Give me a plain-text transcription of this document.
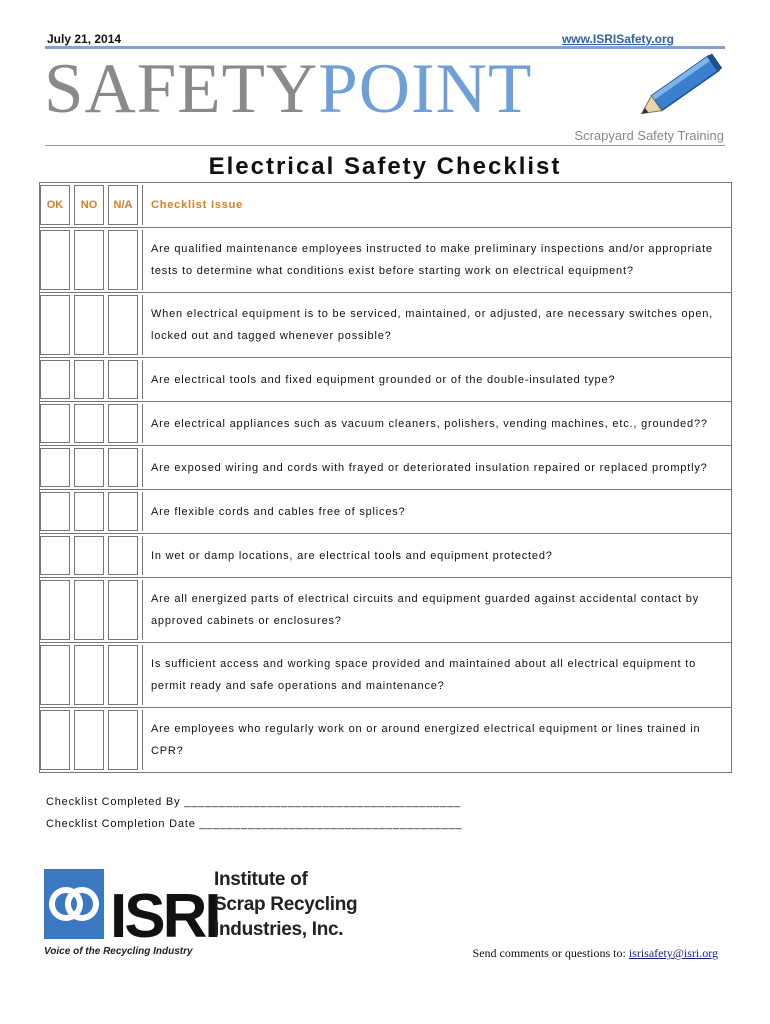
July 21, 2014	www.ISRISafety.org
SAFETYPOINT
Scrapyard Safety Training
Electrical Safety Checklist
OK	NO	N/A	Checklist Issue
Are qualified maintenance employees instructed to make preliminary inspections and/or appropriate
tests to determine what conditions exist before starting work on electrical equipment?
When electrical equipment is to be serviced, maintained, or adjusted, are necessary switches open,
locked out and tagged whenever possible?
Are electrical tools and fixed equipment grounded or of the double-insulated type?
Are electrical appliances such as vacuum cleaners, polishers, vending machines, etc., grounded??
Are exposed wiring and cords with frayed or deteriorated insulation repaired or replaced promptly?
Are flexible cords and cables free of splices?
In wet or damp locations, are electrical tools and equipment protected?
Are all energized parts of electrical circuits and equipment guarded against accidental contact by
approved cabinets or enclosures?
Is sufficient access and working space provided and maintained about all electrical equipment to
permit ready and safe operations and maintenance?
Are employees who regularly work on or around energized electrical equipment or lines trained in
CPR?
Checklist Completed By ________________________________________
Checklist Completion Date ______________________________________
ISRI
Voice of the Recycling Industry
Institute of
Scrap Recycling
Industries, Inc.
Send comments or questions to: isrisafety@isri.org
